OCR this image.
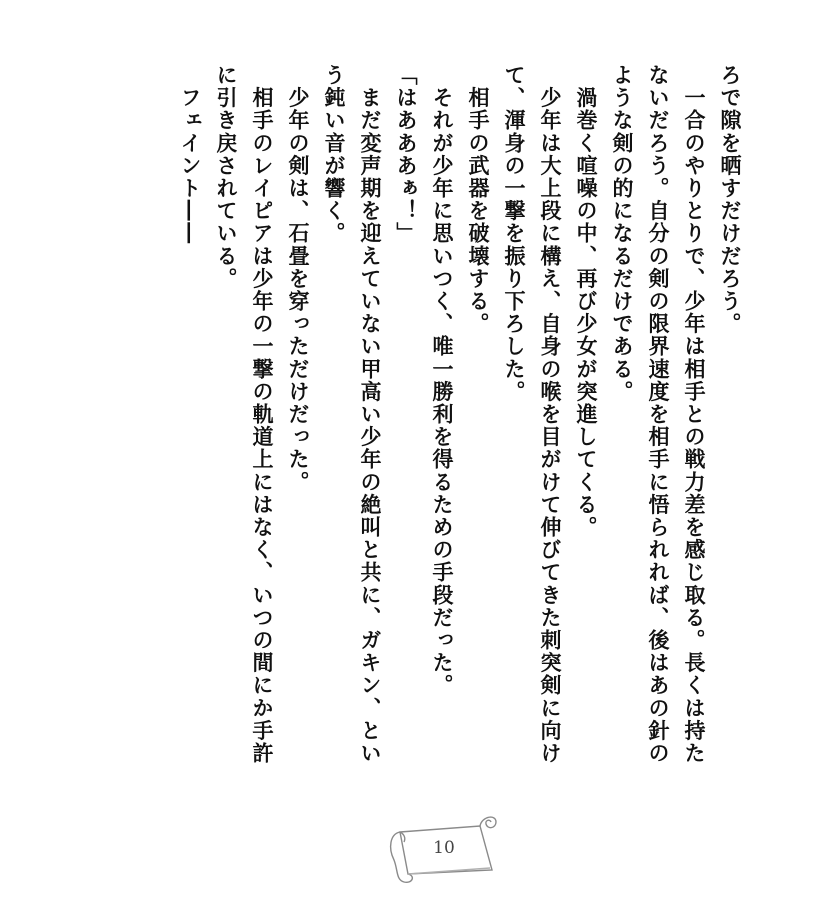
ろで隙を晒すだけだろう。

　一合のやりとりで、少年は相手との戦力差を感じ取る。長くは持たないだろう。自分の剣の限界速度を相手に悟られれば、後はあの針のような剣の的になるだけである。

　渦巻く喧噪の中、再び少女が突進してくる。

　少年は大上段に構え、自身の喉を目がけて伸びてきた刺突剣に向けて、渾身の一撃を振り下ろした。

　相手の武器を破壊する。

　それが少年に思いつく、唯一勝利を得るための手段だった。

「はあああぁ！」

　まだ変声期を迎えていない甲高い少年の絶叫と共に、ガキン、という鈍い音が響く。

　少年の剣は、石畳を穿っただけだった。

　相手のレイピアは少年の一撃の軌道上にはなく、いつの間にか手許に引き戻されている。

　フェイント――

10
